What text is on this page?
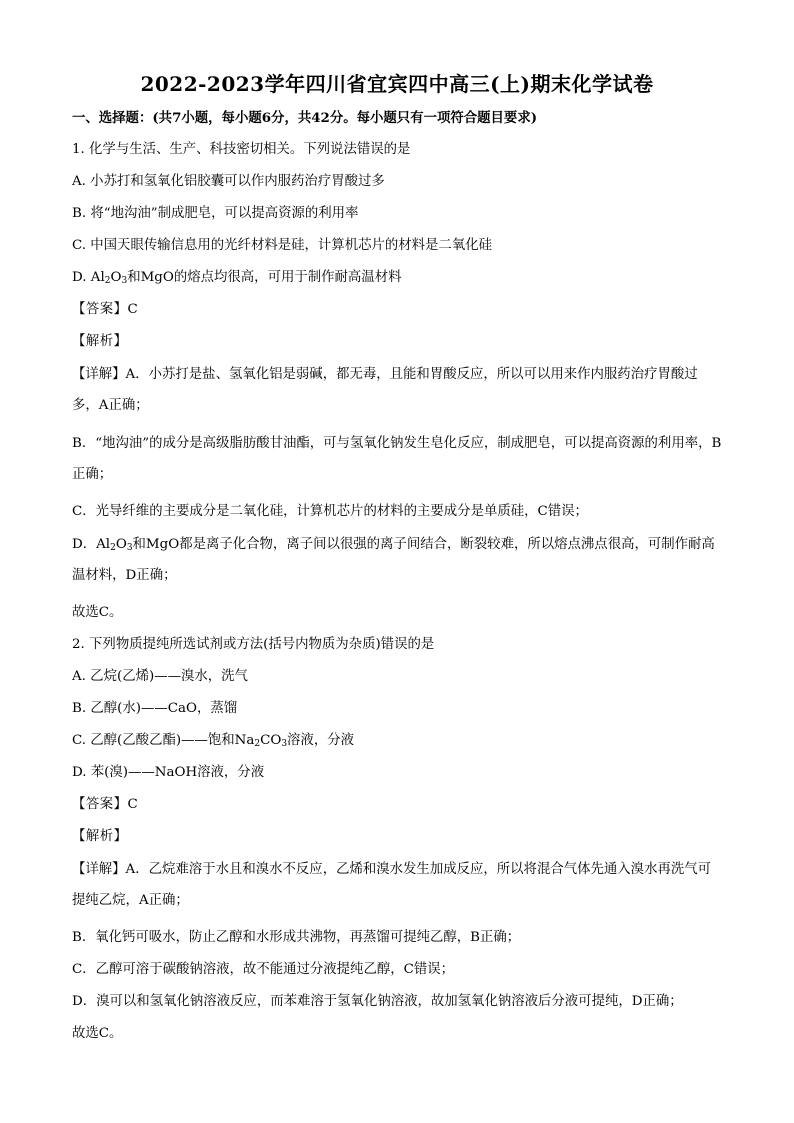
2022-2023学年四川省宜宾四中高三(上)期末化学试卷
一、选择题：(共7小题，每小题6分，共42分。每小题只有一项符合题目要求)
1. 化学与生活、生产、科技密切相关。下列说法错误的是
A. 小苏打和氢氧化铝胶囊可以作内服药治疗胃酸过多
B. 将“地沟油”制成肥皂，可以提高资源的利用率
C. 中国天眼传输信息用的光纤材料是硅，计算机芯片的材料是二氧化硅
D. $Al_2O_3$和MgO的熔点均很高，可用于制作耐高温材料
【答案】C
【解析】
【详解】A．小苏打是盐、氢氧化铝是弱碱，都无毒，且能和胃酸反应，所以可以用来作内服药治疗胃酸过多，A正确；
B．“地沟油”的成分是高级脂肪酸甘油酯，可与氢氧化钠发生皂化反应，制成肥皂，可以提高资源的利用率，B正确；
C．光导纤维的主要成分是二氧化硅，计算机芯片的材料的主要成分是单质硅，C错误；
D．$Al_2O_3$和MgO都是离子化合物，离子间以很强的离子间结合，断裂较难，所以熔点沸点很高，可制作耐高温材料，D正确；
故选C。
2. 下列物质提纯所选试剂或方法(括号内物质为杂质)错误的是
A. 乙烷(乙烯)——溴水，洗气
B. 乙醇(水)——CaO，蒸馏
C. 乙醇(乙酸乙酯)——饱和$Na_2CO_3$溶液，分液
D. 苯(溴)——NaOH溶液，分液
【答案】C
【解析】
【详解】A．乙烷难溶于水且和溴水不反应，乙烯和溴水发生加成反应，所以将混合气体先通入溴水再洗气可提纯乙烷，A正确；
B．氧化钙可吸水，防止乙醇和水形成共沸物，再蒸馏可提纯乙醇，B正确；
C．乙醇可溶于碳酸钠溶液，故不能通过分液提纯乙醇，C错误；
D．溴可以和氢氧化钠溶液反应，而苯难溶于氢氧化钠溶液，故加氢氧化钠溶液后分液可提纯，D正确；
故选C。
